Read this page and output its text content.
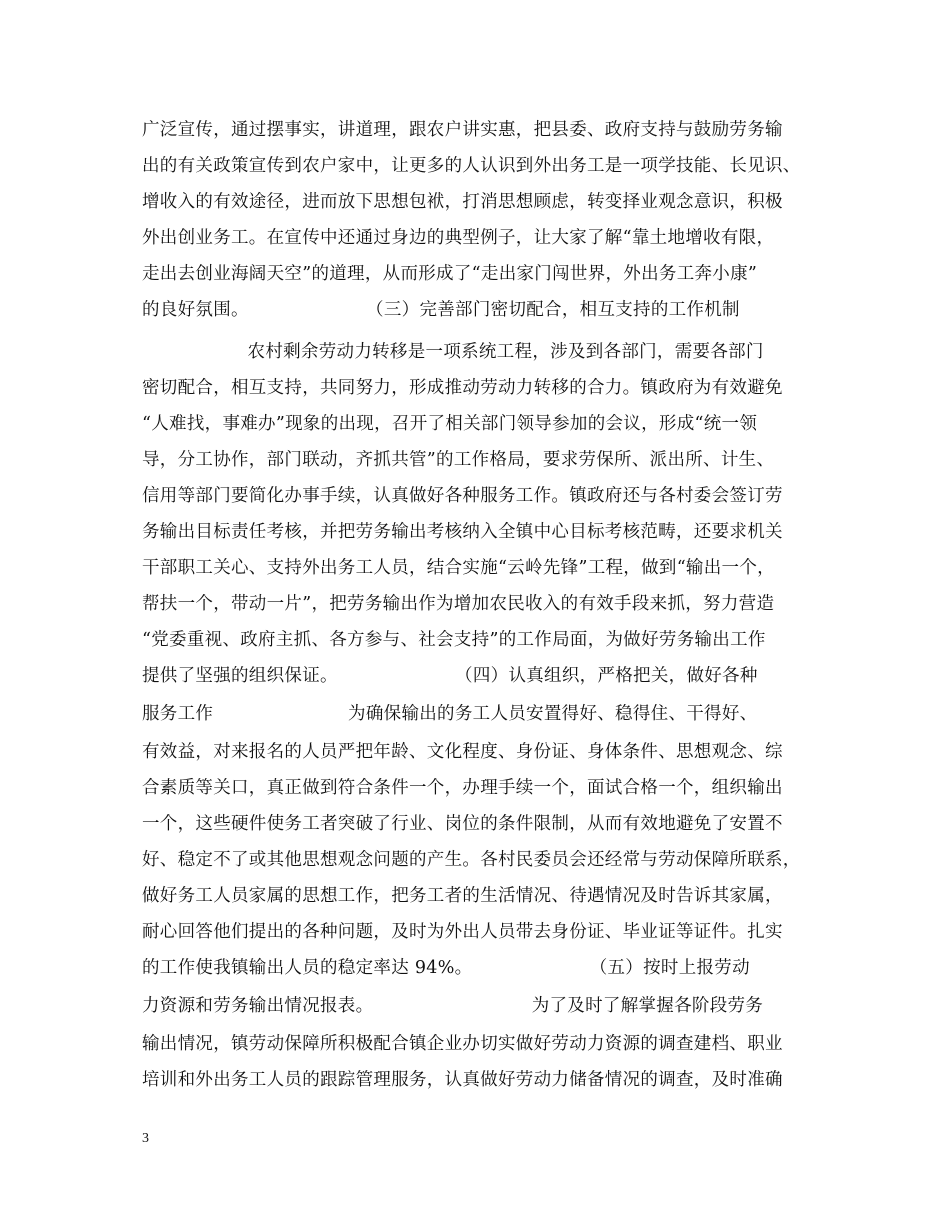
广泛宣传，通过摆事实，讲道理，跟农户讲实惠，把县委、政府支持与鼓励劳务输
出的有关政策宣传到农户家中，让更多的人认识到外出务工是一项学技能、长见识、
增收入的有效途径，进而放下思想包袱，打消思想顾虑，转变择业观念意识，积极
外出创业务工。在宣传中还通过身边的典型例子，让大家了解“靠土地增收有限，
走出去创业海阔天空”的道理，从而形成了“走出家门闯世界，外出务工奔小康”
的良好氛围。                    （三）完善部门密切配合，相互支持的工作机制
农村剩余劳动力转移是一项系统工程，涉及到各部门，需要各部门
密切配合，相互支持，共同努力，形成推动劳动力转移的合力。镇政府为有效避免
“人难找，事难办”现象的出现，召开了相关部门领导参加的会议，形成“统一领
导，分工协作，部门联动，齐抓共管”的工作格局，要求劳保所、派出所、计生、
信用等部门要简化办事手续，认真做好各种服务工作。镇政府还与各村委会签订劳
务输出目标责任考核，并把劳务输出考核纳入全镇中心目标考核范畴，还要求机关
干部职工关心、支持外出务工人员，结合实施“云岭先锋”工程，做到“输出一个，
帮扶一个，带动一片”，把劳务输出作为增加农民收入的有效手段来抓，努力营造
“党委重视、政府主抓、各方参与、社会支持”的工作局面，为做好劳务输出工作
提供了坚强的组织保证。                    （四）认真组织，严格把关，做好各种
服务工作                       为确保输出的务工人员安置得好、稳得住、干得好、
有效益，对来报名的人员严把年龄、文化程度、身份证、身体条件、思想观念、综
合素质等关口，真正做到符合条件一个，办理手续一个，面试合格一个，组织输出
一个，这些硬件使务工者突破了行业、岗位的条件限制，从而有效地避免了安置不
好、稳定不了或其他思想观念问题的产生。各村民委员会还经常与劳动保障所联系，
做好务工人员家属的思想工作，把务工者的生活情况、待遇情况及时告诉其家属，
耐心回答他们提出的各种问题，及时为外出人员带去身份证、毕业证等证件。扎实
的工作使我镇输出人员的稳定率达 94%。                    （五）按时上报劳动
力资源和劳务输出情况报表。                           为了及时了解掌握各阶段劳务
输出情况，镇劳动保障所积极配合镇企业办切实做好劳动力资源的调查建档、职业
培训和外出务工人员的跟踪管理服务，认真做好劳动力储备情况的调查，及时准确
3
